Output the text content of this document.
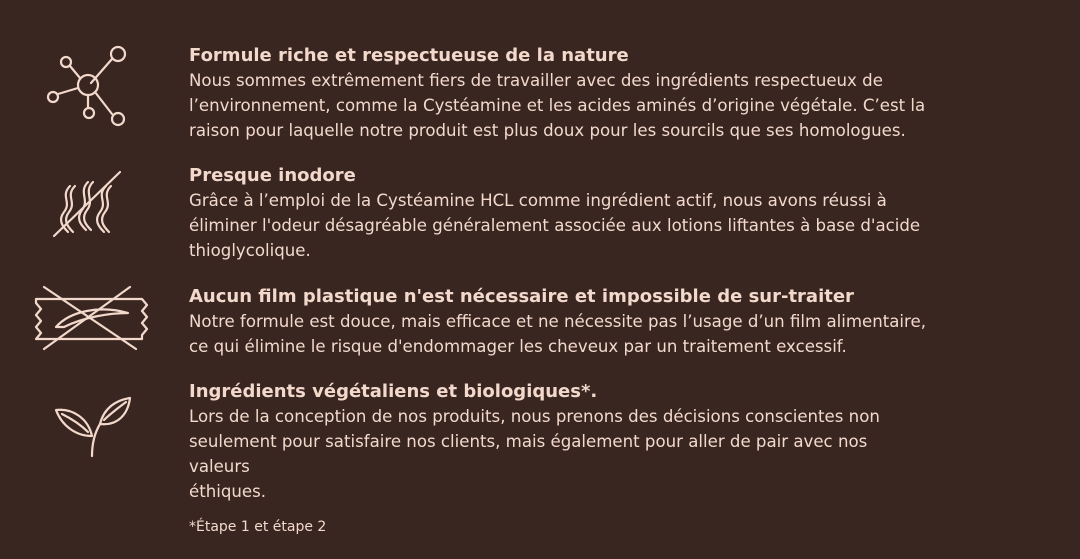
Formule riche et respectueuse de la nature
Nous sommes extrêmement fiers de travailler avec des ingrédients respectueux de
l’environnement, comme la Cystéamine et les acides aminés d’origine végétale. C’est la
raison pour laquelle notre produit est plus doux pour les sourcils que ses homologues.
Presque inodore
Grâce à l’emploi de la Cystéamine HCL comme ingrédient actif, nous avons réussi à
éliminer l'odeur désagréable généralement associée aux lotions liftantes à base d'acide
thioglycolique.
Aucun film plastique n'est nécessaire et impossible de sur-traiter
Notre formule est douce, mais efficace et ne nécessite pas l’usage d’un film alimentaire,
ce qui élimine le risque d'endommager les cheveux par un traitement excessif.
Ingrédients végétaliens et biologiques*.
Lors de la conception de nos produits, nous prenons des décisions conscientes non
seulement pour satisfaire nos clients, mais également pour aller de pair avec nos
valeurs
éthiques.
*Étape 1 et étape 2
